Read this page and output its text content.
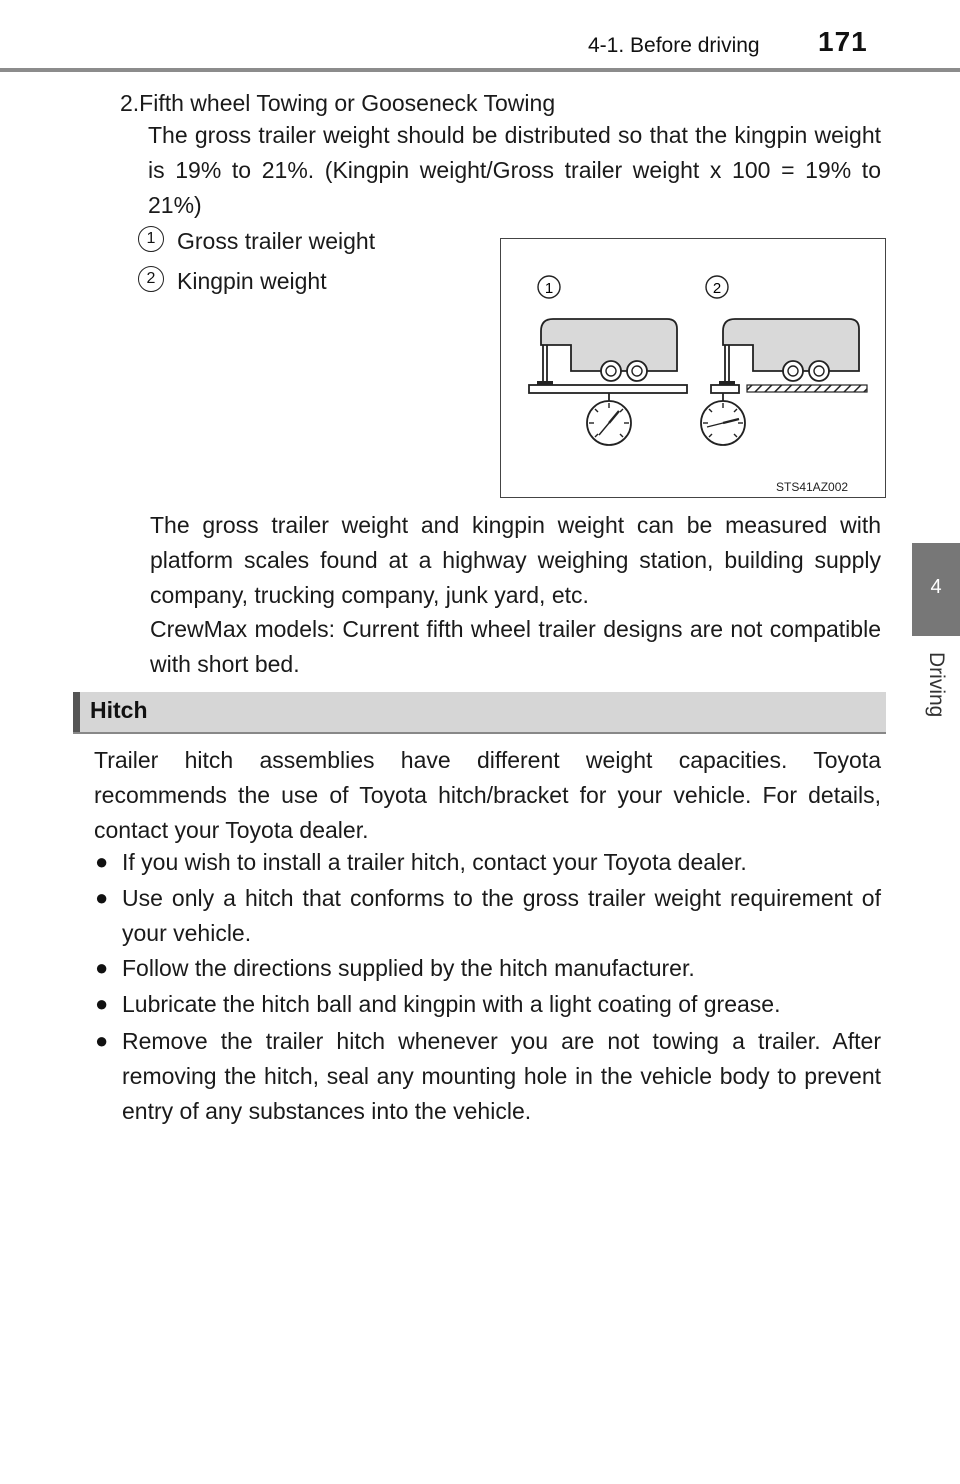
4-1. Before driving 171
4
Driving
2.Fifth wheel Towing or Gooseneck Towing
The gross trailer weight should be distributed so that the kingpin weight is 19% to 21%. (Kingpin weight/Gross trailer weight x 100 = 19% to 21%)
1 Gross trailer weight
2 Kingpin weight	1	2
STS41AZ002
The gross trailer weight and kingpin weight can be measured with platform scales found at a highway weighing station, building supply company, trucking company, junk yard, etc.
CrewMax models: Current fifth wheel trailer designs are not compatible with short bed.
Hitch
Trailer hitch assemblies have different weight capacities. Toyota recommends the use of Toyota hitch/bracket for your vehicle. For details, contact your Toyota dealer.
● If you wish to install a trailer hitch, contact your Toyota dealer.
● Use only a hitch that conforms to the gross trailer weight requirement of your vehicle.
● Follow the directions supplied by the hitch manufacturer.
● Lubricate the hitch ball and kingpin with a light coating of grease.
● Remove the trailer hitch whenever you are not towing a trailer. After removing the hitch, seal any mounting hole in the vehicle body to prevent entry of any substances into the vehicle.
